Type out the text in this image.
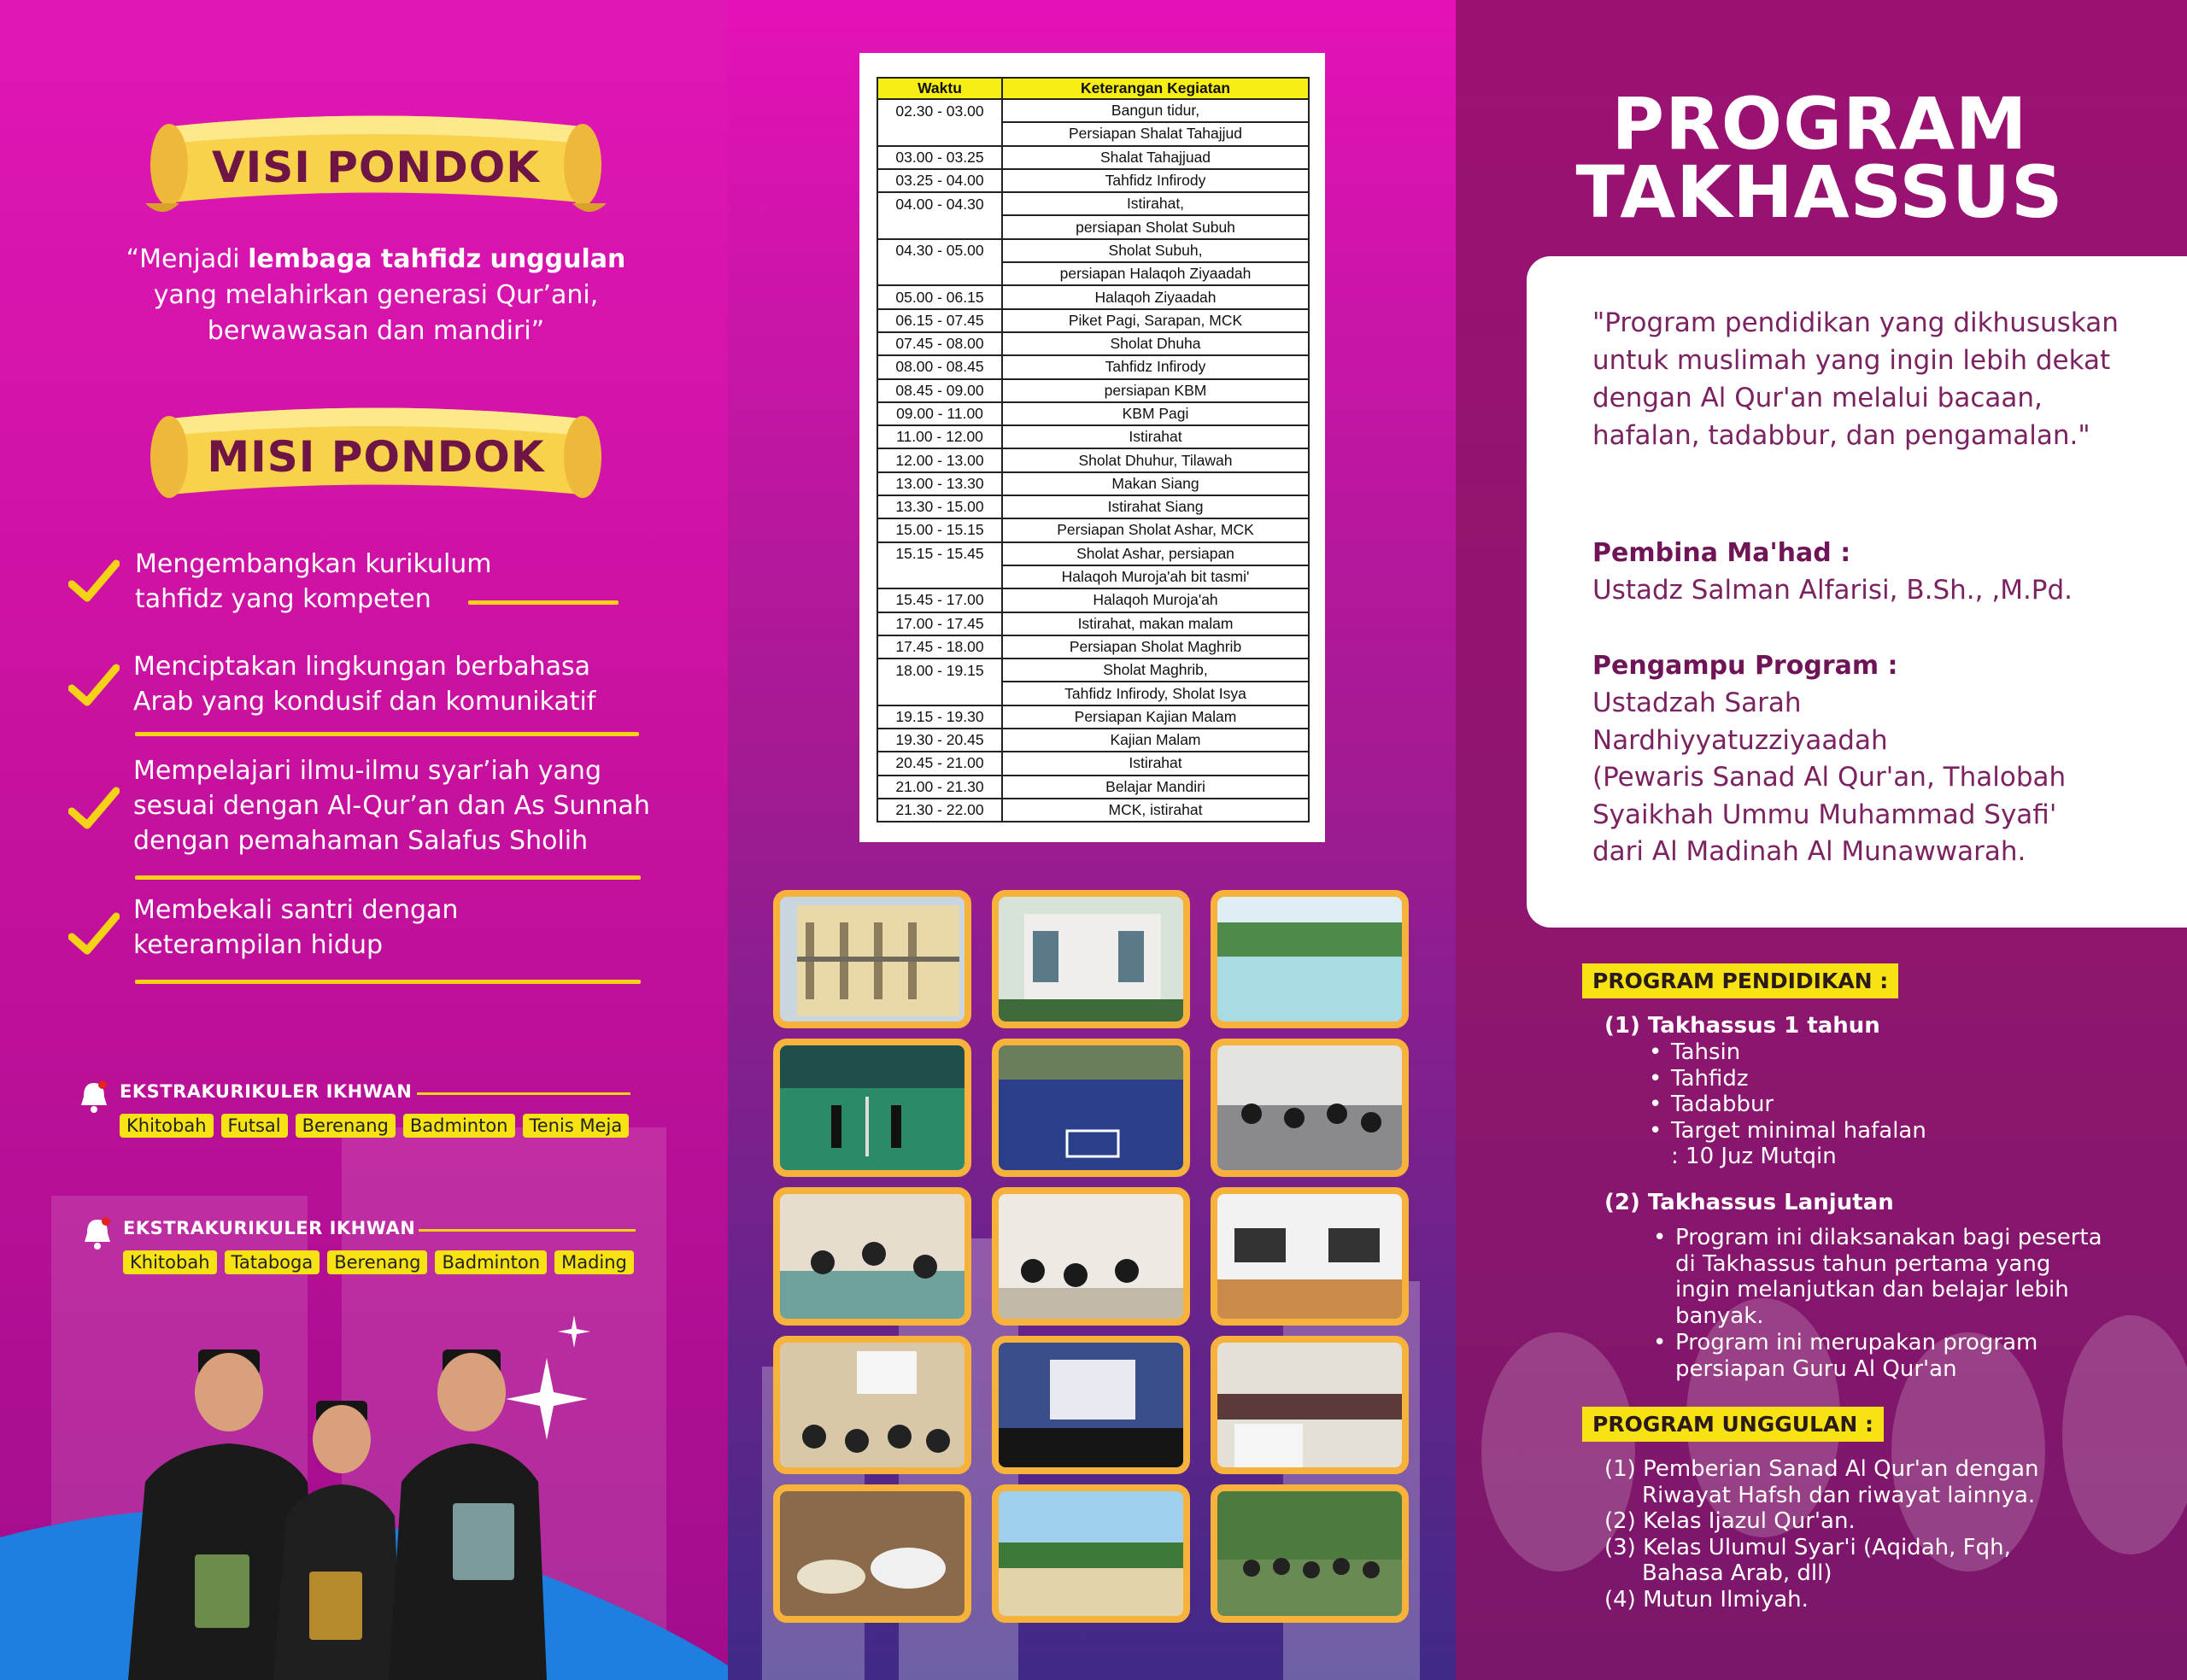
VISI PONDOK
“Menjadi lembaga tahfidz unggulan
yang melahirkan generasi Qur’ani, berwawasan dan mandiri”
MISI PONDOK
Mengembangkan kurikulum tahfidz yang kompeten
Menciptakan lingkungan berbahasa Arab yang kondusif dan komunikatif
Mempelajari ilmu-ilmu syar’iah yang sesuai dengan Al-Qur’an dan As Sunnah dengan pemahaman Salafus Sholih
Membekali santri dengan keterampilan hidup
EKSTRAKURIKULER IKHWAN
Khitobah	Futsal	Berenang	Badminton	Tenis Meja
EKSTRAKURIKULER IKHWAN
Khitobah	Tataboga	Berenang	Badminton	Mading
Waktu	Keterangan Kegiatan
02.30 - 03.00	Bangun tidur,
	Persiapan Shalat Tahajjud
03.00 - 03.25	Shalat Tahajjuad
03.25 - 04.00	Tahfidz Infirody
04.00 - 04.30	Istirahat,
	persiapan Sholat Subuh
04.30 - 05.00	Sholat Subuh,
	persiapan Halaqoh Ziyaadah
05.00 - 06.15	Halaqoh Ziyaadah
06.15 - 07.45	Piket Pagi, Sarapan, MCK
07.45 - 08.00	Sholat Dhuha
08.00 - 08.45	Tahfidz Infirody
08.45 - 09.00	persiapan KBM
09.00 - 11.00	KBM Pagi
11.00 - 12.00	Istirahat
12.00 - 13.00	Sholat Dhuhur, Tilawah
13.00 - 13.30	Makan Siang
13.30 - 15.00	Istirahat Siang
15.00 - 15.15	Persiapan Sholat Ashar, MCK
15.15 - 15.45	Sholat Ashar, persiapan
	Halaqoh Muroja'ah bit tasmi'
15.45 - 17.00	Halaqoh Muroja'ah
17.00 - 17.45	Istirahat, makan malam
17.45 - 18.00	Persiapan Sholat Maghrib
18.00 - 19.15	Sholat Maghrib,
	Tahfidz Infirody, Sholat Isya
19.15 - 19.30	Persiapan Kajian Malam
19.30 - 20.45	Kajian Malam
20.45 - 21.00	Istirahat
21.00 - 21.30	Belajar Mandiri
21.30 - 22.00	MCK, istirahat
PROGRAM
TAKHASSUS
"Program pendidikan yang dikhususkan untuk muslimah yang ingin lebih dekat dengan Al Qur'an melalui bacaan, hafalan, tadabbur, dan pengamalan."
Pembina Ma'had :
Ustadz Salman Alfarisi, B.Sh., ,M.Pd.
Pengampu Program :
Ustadzah Sarah Nardhiyyatuzziyaadah
(Pewaris Sanad Al Qur'an, Thalobah Syaikhah Ummu Muhammad Syafi' dari Al Madinah Al Munawwarah.
PROGRAM PENDIDIKAN :
(1) Takhassus 1 tahun
• Tahsin
• Tahfidz
• Tadabbur
• Target minimal hafalan
: 10 Juz Mutqin
(2) Takhassus Lanjutan
• Program ini dilaksanakan bagi peserta di Takhassus tahun pertama yang ingin melanjutkan dan belajar lebih banyak.
• Program ini merupakan program persiapan Guru Al Qur'an
PROGRAM UNGGULAN :
(1) Pemberian Sanad Al Qur'an dengan
Riwayat Hafsh dan riwayat lainnya.
(2) Kelas Ijazul Qur'an.
(3) Kelas Ulumul Syar'i (Aqidah, Fqh,
Bahasa Arab, dll)
(4) Mutun Ilmiyah.
